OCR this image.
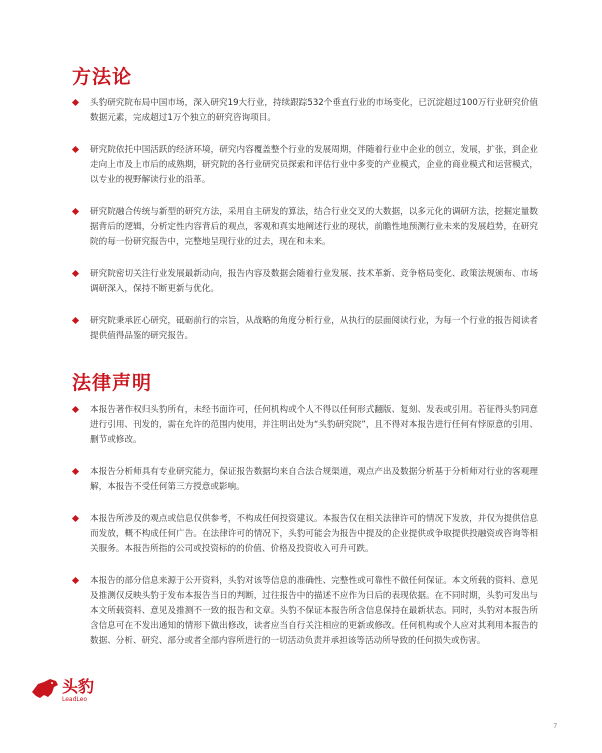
方法论
头豹研究院布局中国市场，深入研究19大行业，持续跟踪532个垂直行业的市场变化，已沉淀超过100万行业研究价值数据元素，完成超过1万个独立的研究咨询项目。
研究院依托中国活跃的经济环境，研究内容覆盖整个行业的发展周期，伴随着行业中企业的创立，发展，扩张，到企业走向上市及上市后的成熟期，研究院的各行业研究员探索和评估行业中多变的产业模式，企业的商业模式和运营模式，以专业的视野解读行业的沿革。
研究院融合传统与新型的研究方法，采用自主研发的算法，结合行业交叉的大数据，以多元化的调研方法，挖掘定量数据背后的逻辑，分析定性内容背后的观点，客观和真实地阐述行业的现状，前瞻性地预测行业未来的发展趋势，在研究院的每一份研究报告中，完整地呈现行业的过去，现在和未来。
研究院密切关注行业发展最新动向，报告内容及数据会随着行业发展、技术革新、竞争格局变化、政策法规颁布、市场调研深入，保持不断更新与优化。
研究院秉承匠心研究，砥砺前行的宗旨，从战略的角度分析行业，从执行的层面阅读行业，为每一个行业的报告阅读者提供值得品鉴的研究报告。
法律声明
本报告著作权归头豹所有，未经书面许可，任何机构或个人不得以任何形式翻版、复刻、发表或引用。若征得头豹同意进行引用、刊发的，需在允许的范围内使用，并注明出处为“头豹研究院”，且不得对本报告进行任何有悖原意的引用、删节或修改。
本报告分析师具有专业研究能力，保证报告数据均来自合法合规渠道，观点产出及数据分析基于分析师对行业的客观理解，本报告不受任何第三方授意或影响。
本报告所涉及的观点或信息仅供参考，不构成任何投资建议。本报告仅在相关法律许可的情况下发放，并仅为提供信息而发放，概不构成任何广告。在法律许可的情况下，头豹可能会为报告中提及的企业提供或争取提供投融资或咨询等相关服务。本报告所指的公司或投资标的的价值、价格及投资收入可升可跌。
本报告的部分信息来源于公开资料，头豹对该等信息的准确性、完整性或可靠性不做任何保证。本文所载的资料、意见及推测仅反映头豹于发布本报告当日的判断，过往报告中的描述不应作为日后的表现依据。在不同时期，头豹可发出与本文所载资料、意见及推测不一致的报告和文章。头豹不保证本报告所含信息保持在最新状态。同时，头豹对本报告所含信息可在不发出通知的情形下做出修改，读者应当自行关注相应的更新或修改。任何机构或个人应对其利用本报告的数据、分析、研究、部分或者全部内容所进行的一切活动负责并承担该等活动所导致的任何损失或伤害。
头豹
LeadLeo
7
